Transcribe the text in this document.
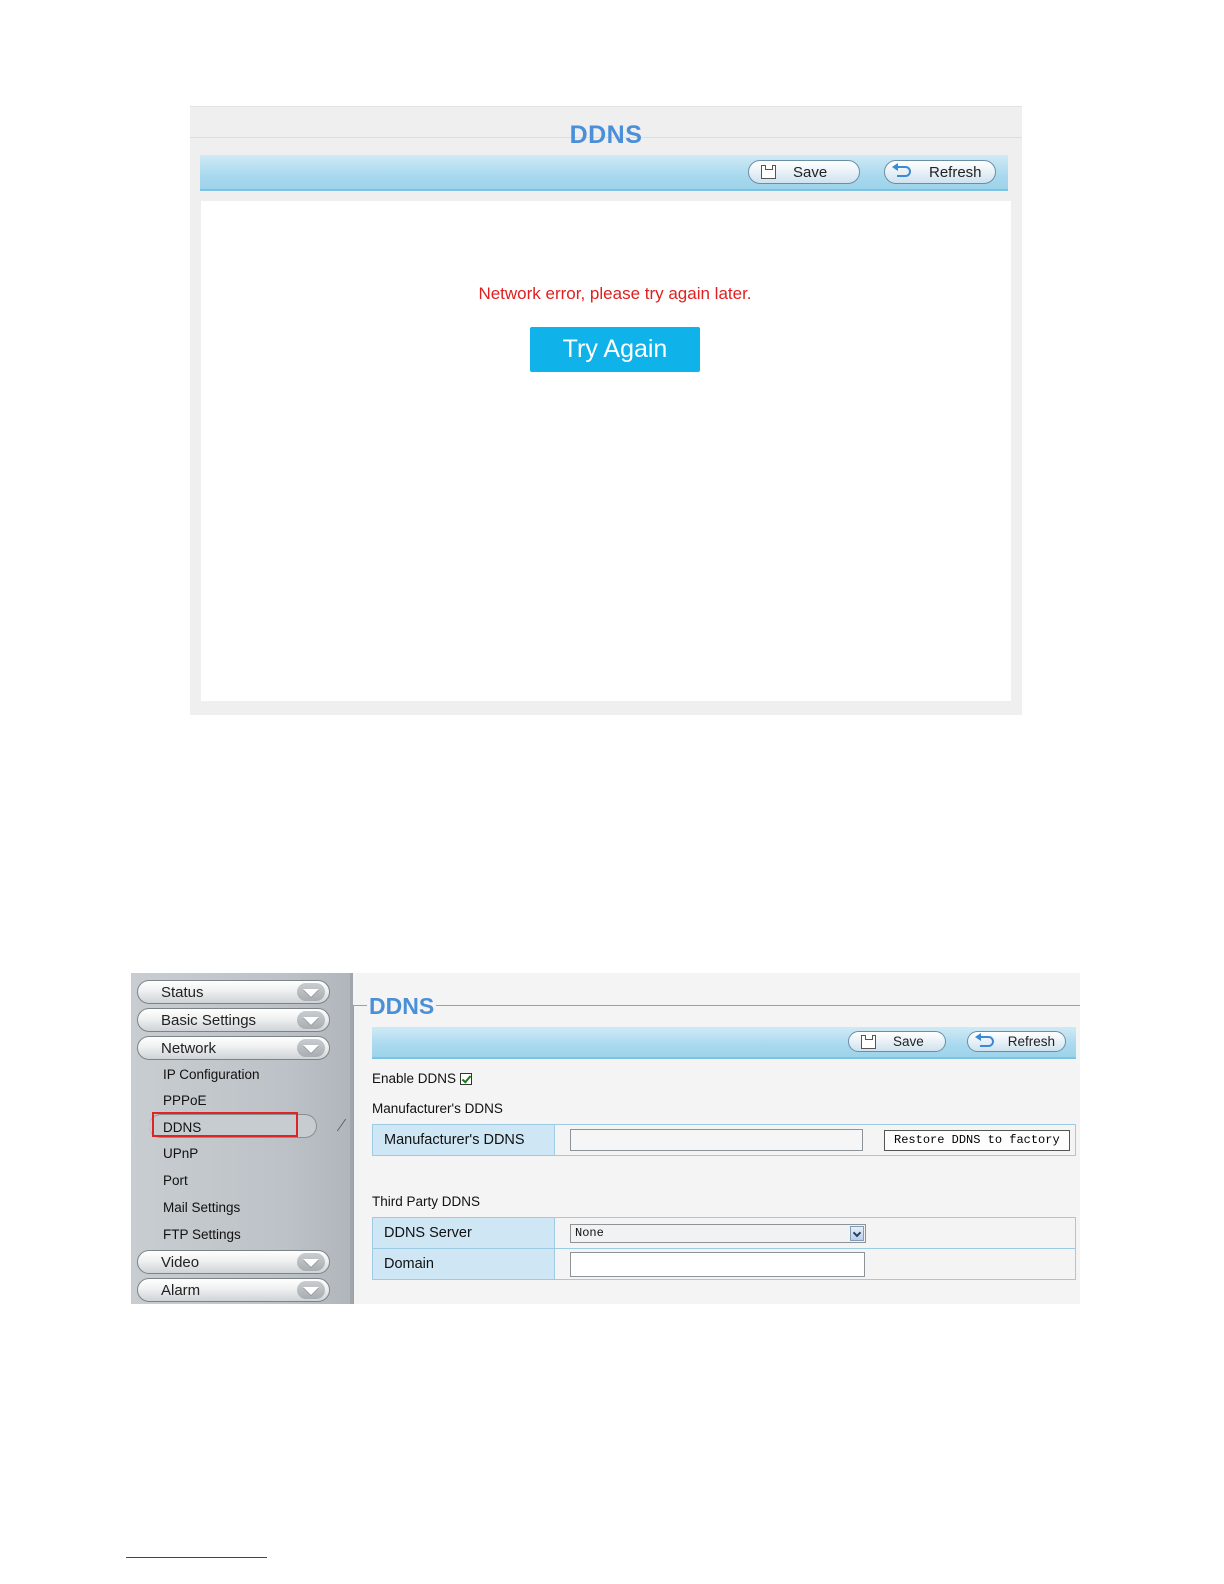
DDNS
Save	Refresh
Network error, please try again later.
Try Again
Status
Basic Settings
Network
IP Configuration
PPPoE
DDNS
UPnP
Port
Mail Settings
FTP Settings
Video
Alarm
DDNS
Save	Refresh
Enable DDNS
Manufacturer's DDNS
Manufacturer's DDNS	Restore DDNS to factory
Third Party DDNS
DDNS Server	None

Domain	
